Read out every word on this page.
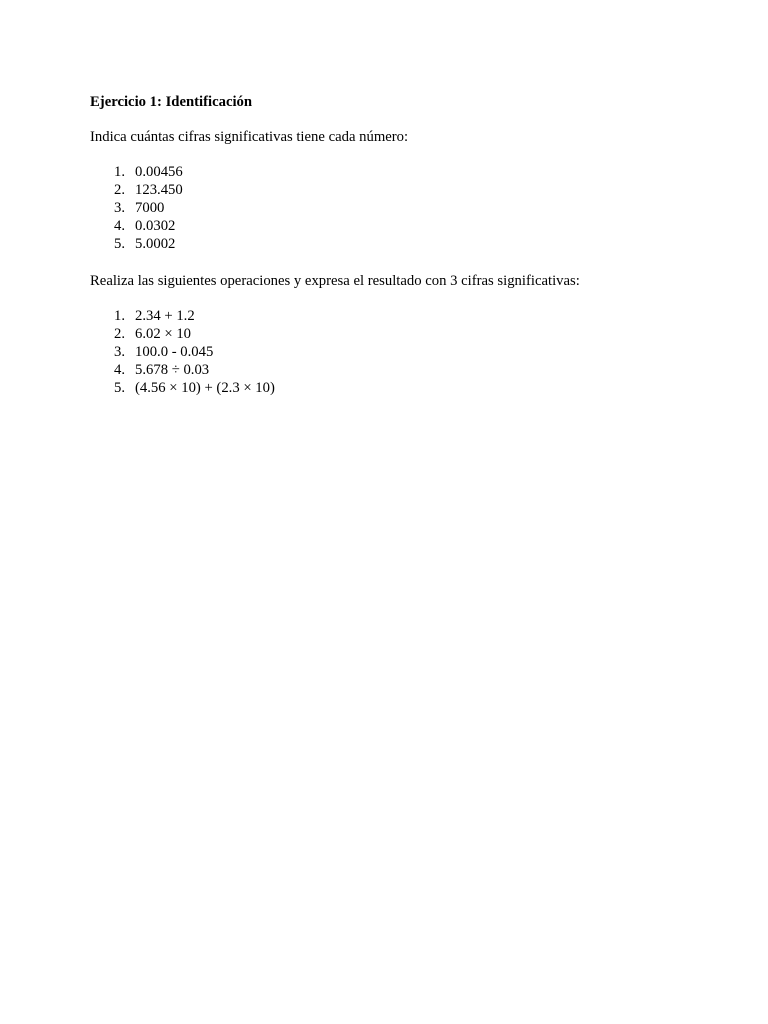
Ejercicio 1: Identificación

Indica cuántas cifras significativas tiene cada número:

1. 0.00456
2. 123.450
3. 7000
4. 0.0302
5. 5.0002

Realiza las siguientes operaciones y expresa el resultado con 3 cifras significativas:

1. 2.34 + 1.2
2. 6.02 × 10
3. 100.0 - 0.045
4. 5.678 ÷ 0.03
5. (4.56 × 10) + (2.3 × 10)
